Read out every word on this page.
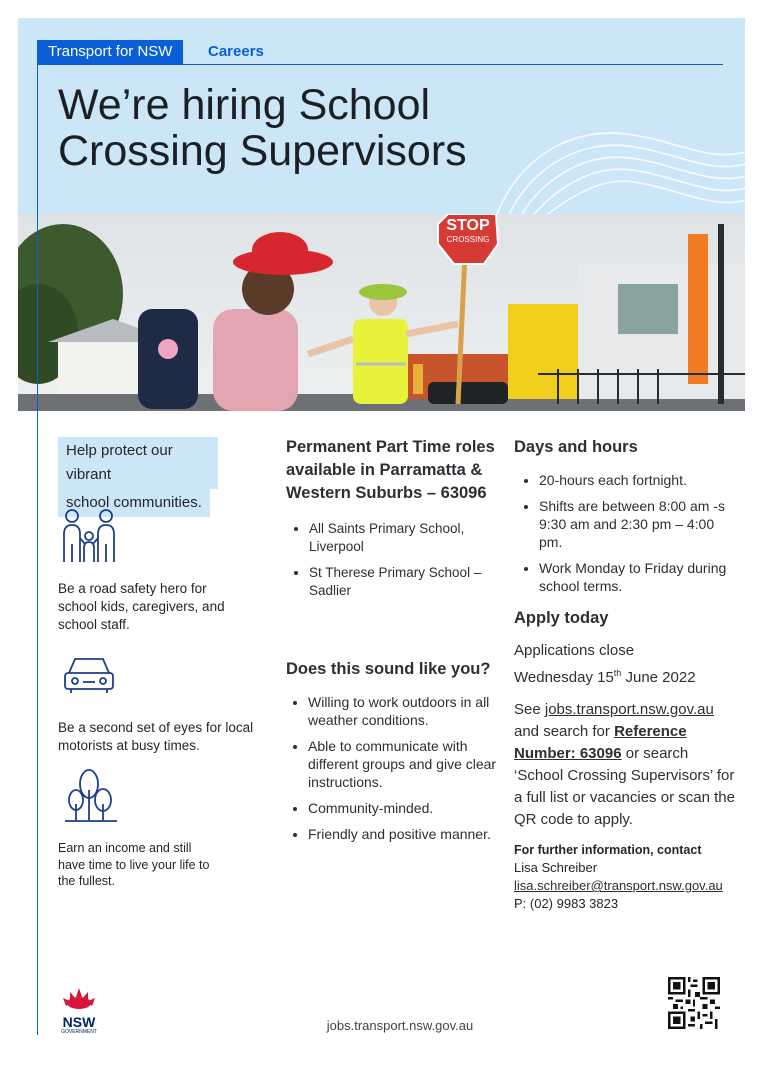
Transport for NSW	Careers
We’re hiring School
Crossing Supervisors
STOP
CROSSING
Help protect our vibrant
school communities.
Be a road safety hero for school kids, caregivers, and school staff.
Be a second set of eyes for local motorists at busy times.
Earn an income and still have time to live your life to the fullest.

Permanent Part Time roles available in Parramatta & Western Suburbs – 63096

• All Saints Primary School, Liverpool
• St Therese Primary School – Sadlier

Does this sound like you?

• Willing to work outdoors in all weather conditions.
• Able to communicate with different groups and give clear instructions.
• Community-minded.
• Friendly and positive manner.

Days and hours

• 20-hours each fortnight.
• Shifts are between 8:00 am -s 9:30 am and 2:30 pm – 4:00 pm.
• Work Monday to Friday during school terms.

Apply today

Applications close
Wednesday 15th June 2022
See jobs.transport.nsw.gov.au and search for Reference Number: 63096 or search ‘School Crossing Supervisors’ for a full list or vacancies or scan the QR code to apply.
For further information, contact
Lisa Schreiber
lisa.schreiber@transport.nsw.gov.au
P: (02) 9983 3823
NSW
GOVERNMENT	jobs.transport.nsw.gov.au
